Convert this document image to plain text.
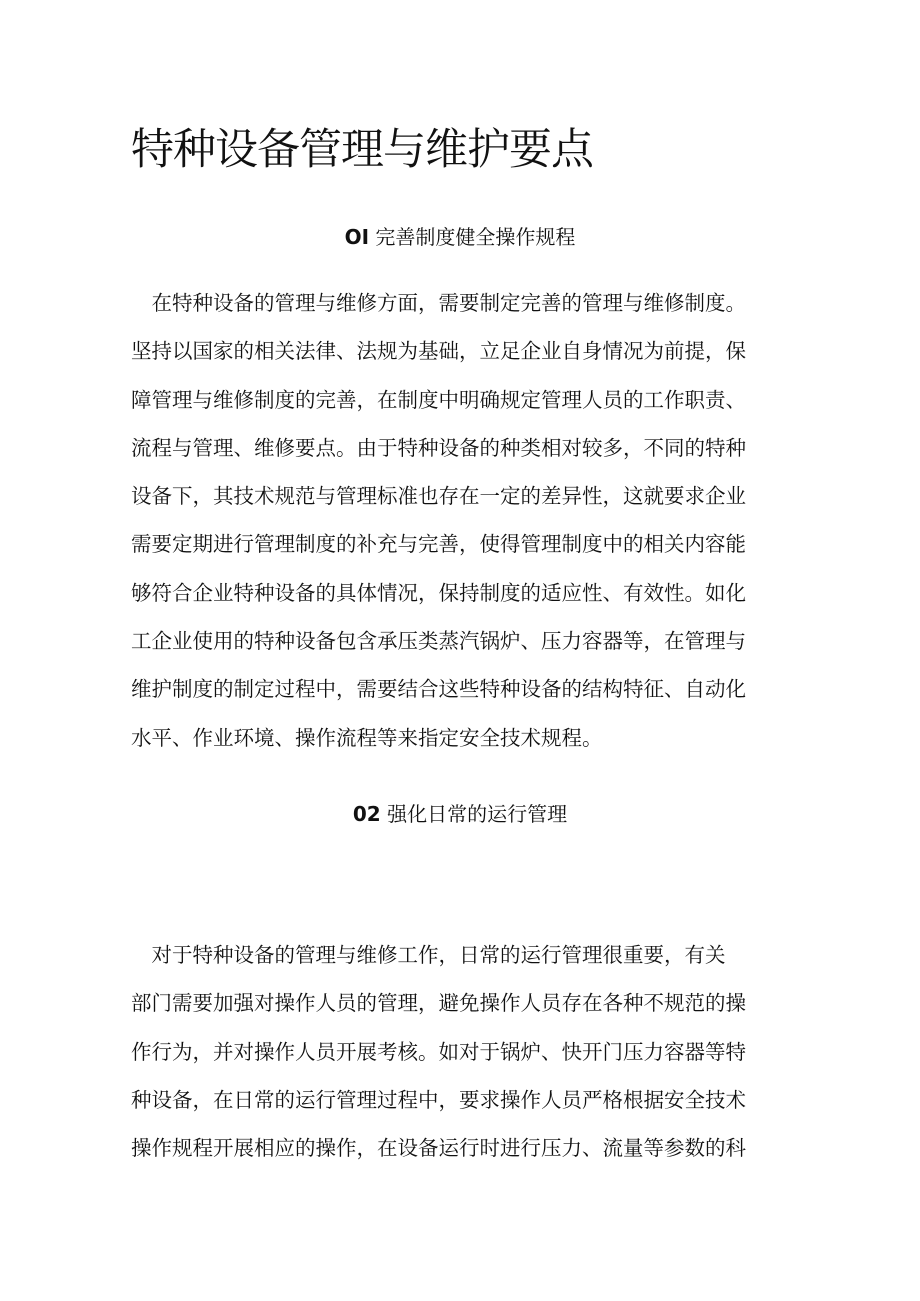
特种设备管理与维护要点
OI 完善制度健全操作规程
　在特种设备的管理与维修方面，需要制定完善的管理与维修制度。
坚持以国家的相关法律、法规为基础，立足企业自身情况为前提，保
障管理与维修制度的完善，在制度中明确规定管理人员的工作职责、
流程与管理、维修要点。由于特种设备的种类相对较多，不同的特种
设备下，其技术规范与管理标准也存在一定的差异性，这就要求企业
需要定期进行管理制度的补充与完善，使得管理制度中的相关内容能
够符合企业特种设备的具体情况，保持制度的适应性、有效性。如化
工企业使用的特种设备包含承压类蒸汽锅炉、压力容器等，在管理与
维护制度的制定过程中，需要结合这些特种设备的结构特征、自动化
水平、作业环境、操作流程等来指定安全技术规程。
02 强化日常的运行管理
　对于特种设备的管理与维修工作，日常的运行管理很重要，有关
部门需要加强对操作人员的管理，避免操作人员存在各种不规范的操
作行为，并对操作人员开展考核。如对于锅炉、快开门压力容器等特
种设备，在日常的运行管理过程中，要求操作人员严格根据安全技术
操作规程开展相应的操作，在设备运行时进行压力、流量等参数的科
